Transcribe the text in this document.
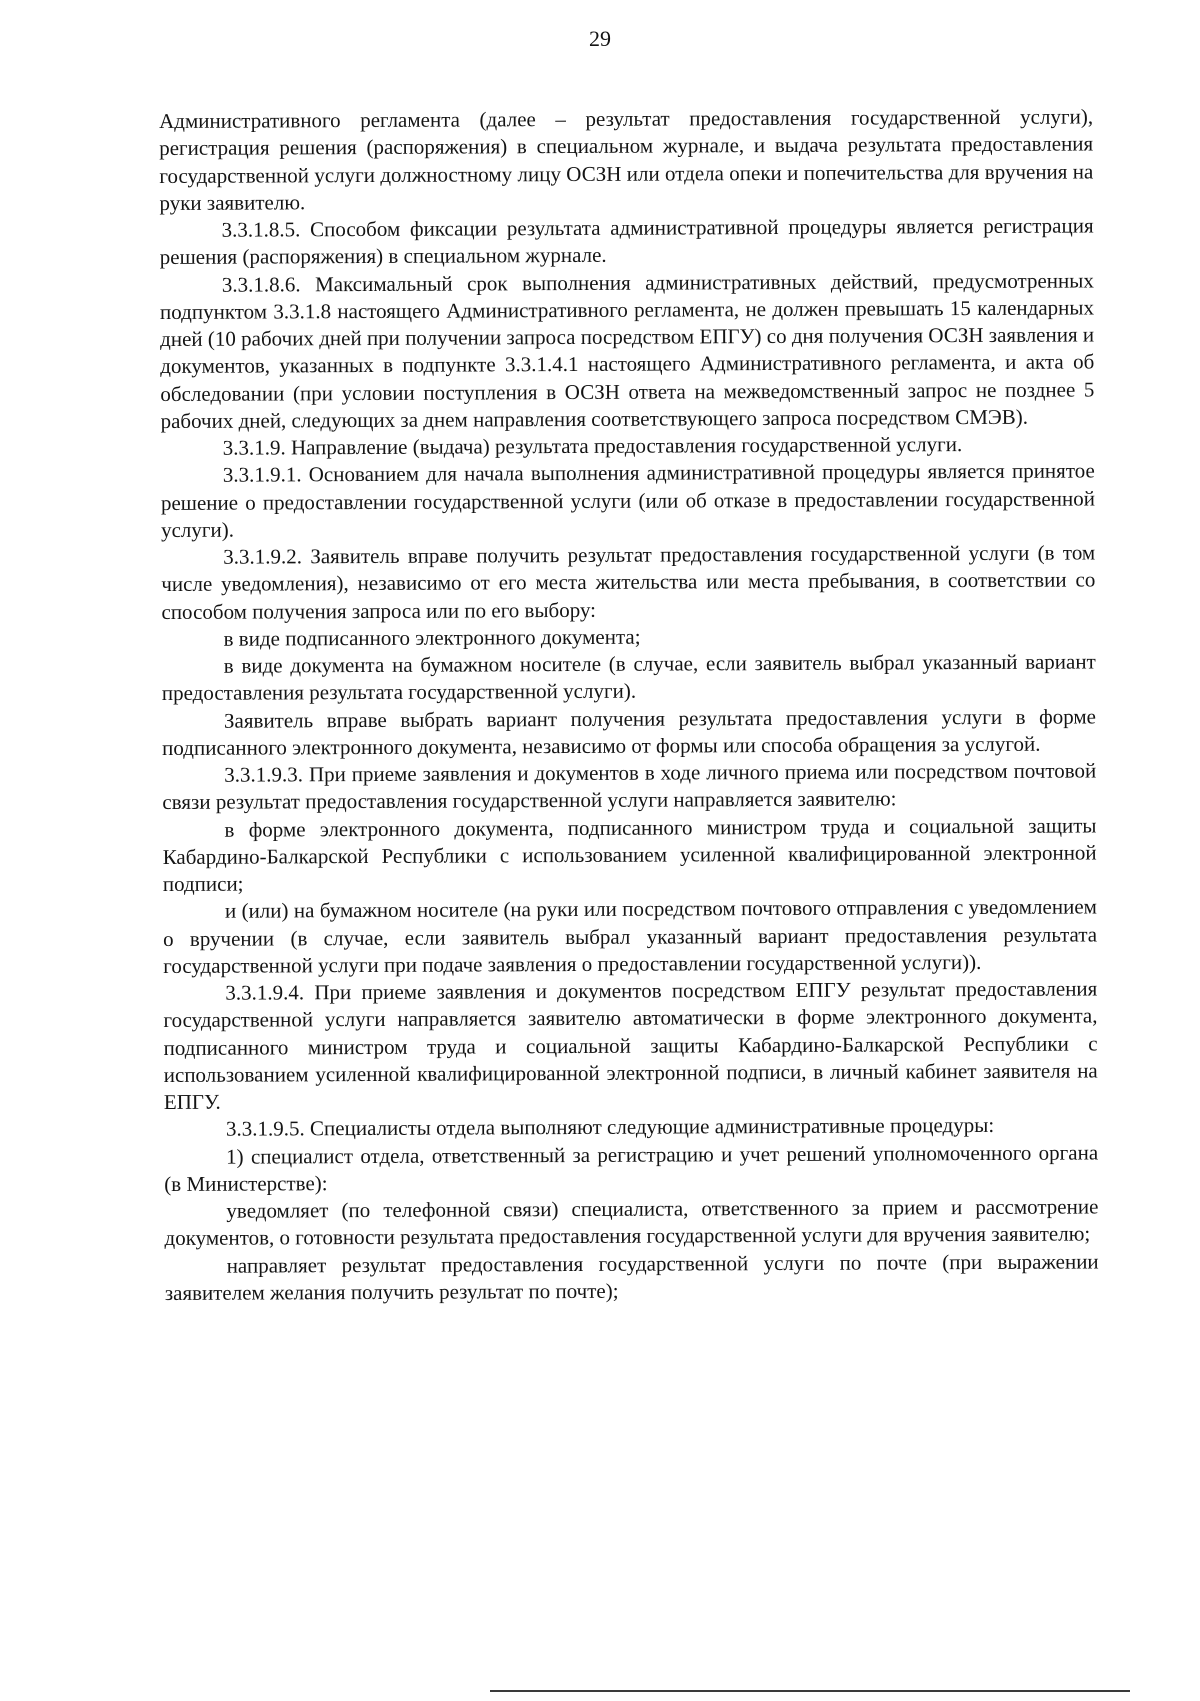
29

Административного регламента (далее – результат предоставления государственной услуги), регистрация решения (распоряжения) в специальном журнале, и выдача результата предоставления государственной услуги должностному лицу ОСЗН или отдела опеки и попечительства для вручения на руки заявителю.

3.3.1.8.5. Способом фиксации результата административной процедуры является регистрация решения (распоряжения) в специальном журнале.

3.3.1.8.6. Максимальный срок выполнения административных действий, предусмотренных подпунктом 3.3.1.8 настоящего Административного регламента, не должен превышать 15 календарных дней (10 рабочих дней при получении запроса посредством ЕПГУ) со дня получения ОСЗН заявления и документов, указанных в подпункте 3.3.1.4.1 настоящего Административного регламента, и акта об обследовании (при условии поступления в ОСЗН ответа на межведомственный запрос не позднее 5 рабочих дней, следующих за днем направления соответствующего запроса посредством СМЭВ).

3.3.1.9. Направление (выдача) результата предоставления государственной услуги.

3.3.1.9.1. Основанием для начала выполнения административной процедуры является принятое решение о предоставлении государственной услуги (или об отказе в предоставлении государственной услуги).

3.3.1.9.2. Заявитель вправе получить результат предоставления государственной услуги (в том числе уведомления), независимо от его места жительства или места пребывания, в соответствии со способом получения запроса или по его выбору:

в виде подписанного электронного документа;

в виде документа на бумажном носителе (в случае, если заявитель выбрал указанный вариант предоставления результата государственной услуги).

Заявитель вправе выбрать вариант получения результата предоставления услуги в форме подписанного электронного документа, независимо от формы или способа обращения за услугой.

3.3.1.9.3. При приеме заявления и документов в ходе личного приема или посредством почтовой связи результат предоставления государственной услуги направляется заявителю:

в форме электронного документа, подписанного министром труда и социальной защиты Кабардино-Балкарской Республики с использованием усиленной квалифицированной электронной подписи;

и (или) на бумажном носителе (на руки или посредством почтового отправления с уведомлением о вручении (в случае, если заявитель выбрал указанный вариант предоставления результата государственной услуги при подаче заявления о предоставлении государственной услуги)).

3.3.1.9.4. При приеме заявления и документов посредством ЕПГУ результат предоставления государственной услуги направляется заявителю автоматически в форме электронного документа, подписанного министром труда и социальной защиты Кабардино-Балкарской Республики с использованием усиленной квалифицированной электронной подписи, в личный кабинет заявителя на ЕПГУ.

3.3.1.9.5. Специалисты отдела выполняют следующие административные процедуры:

1) специалист отдела, ответственный за регистрацию и учет решений уполномоченного органа (в Министерстве):

уведомляет (по телефонной связи) специалиста, ответственного за прием и рассмотрение документов, о готовности результата предоставления государственной услуги для вручения заявителю;

направляет результат предоставления государственной услуги по почте (при выражении заявителем желания получить результат по почте);
